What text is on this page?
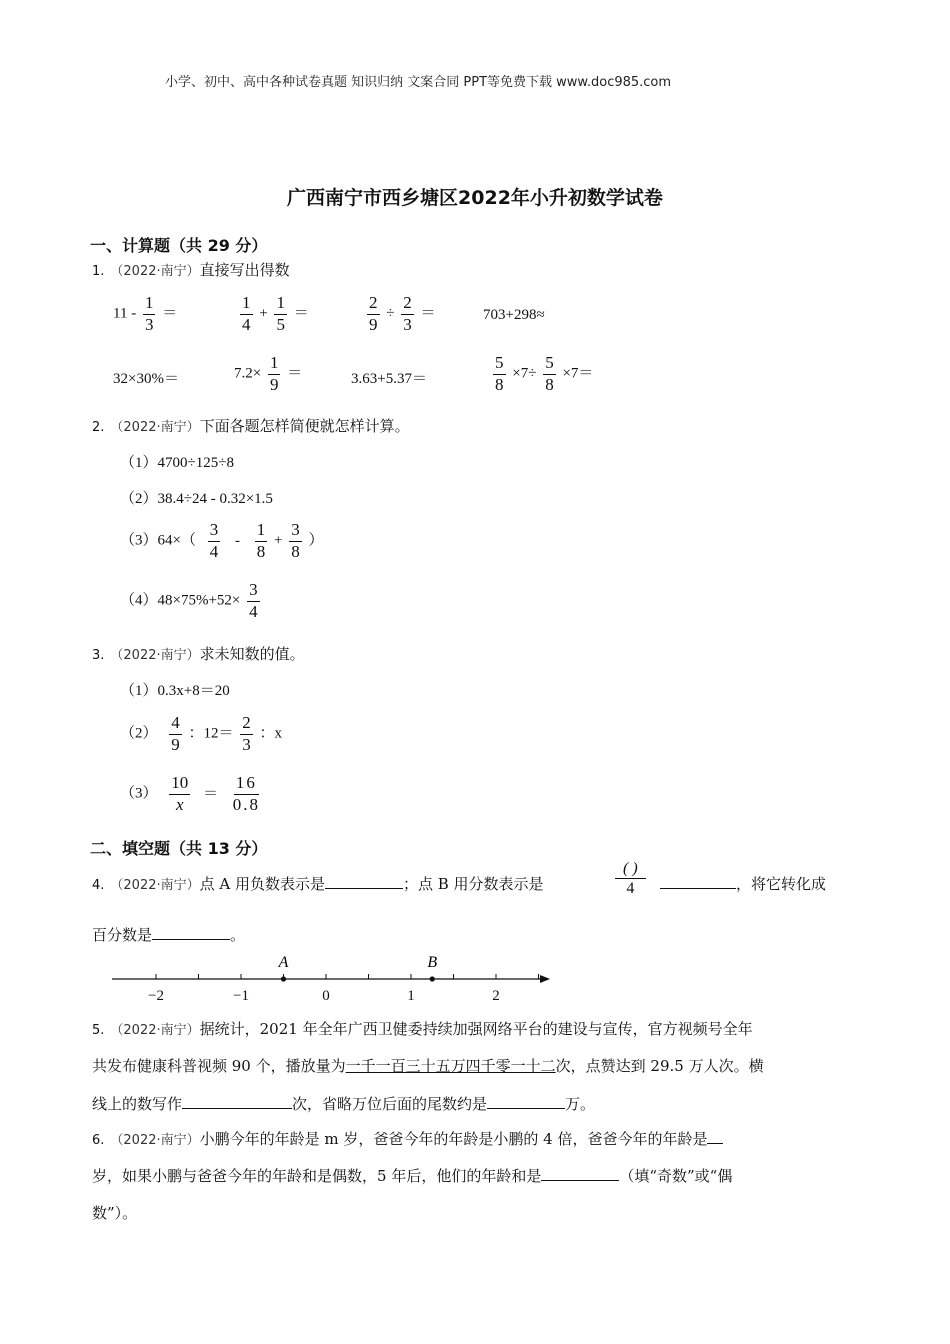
小学、初中、高中各种试卷真题 知识归纳 文案合同 PPT等免费下载 www.doc985.com
广西南宁市西乡塘区2022年小升初数学试卷
一、计算题（共 29 分）
1. （2022·南宁）直接写出得数
$11 - \frac{1}{3}$ ＝	$\frac{1}{4} + \frac{1}{5}$ ＝	$\frac{2}{9} \div \frac{2}{3}$ ＝	703+298≈
32×30%＝	$7.2\times \frac{1}{9}$ ＝	3.63+5.37＝	$\frac{5}{8} \times 7\div \frac{5}{8} \times 7=$
2. （2022·南宁）下面各题怎样简便就怎样计算。
（1）4700÷125÷8
（2）38.4÷24 - 0.32×1.5
$(3)64\times( \frac{3}{4} - \frac{1}{8} + \frac{3}{8}$ ）
$(4)48\times 75\%+52\times \frac{3}{4}$
3. （2022·南宁）求未知数的值。
（1）0.3x+8＝20
$(2) \frac{4}{9}$ ：$12= \frac{2}{3}$ ：x
$(3) \frac{10}{x} = \frac{16}{0.8}$
二、填空题（共 13 分）
4. （2022·南宁）点 A 用负数表示是	；点 B 用分数表示是	$\frac{( )}{4}$	，将它转化成
百分数是	。
−2	−1	0	1	2
A	B
5. （2022·南宁）据统计，2021 年全年广西卫健委持续加强网络平台的建设与宣传，官方视频号全年
共发布健康科普视频 90 个，播放量为一千一百三十五万四千零一十二次，点赞达到 29.5 万人次。横
线上的数写作	次，省略万位后面的尾数约是	万。
6. （2022·南宁）小鹏今年的年龄是 m 岁，爸爸今年的年龄是小鹏的 4 倍，爸爸今年的年龄是
岁，如果小鹏与爸爸今年的年龄和是偶数，5 年后，他们的年龄和是	（填“奇数”或“偶
数”）。
